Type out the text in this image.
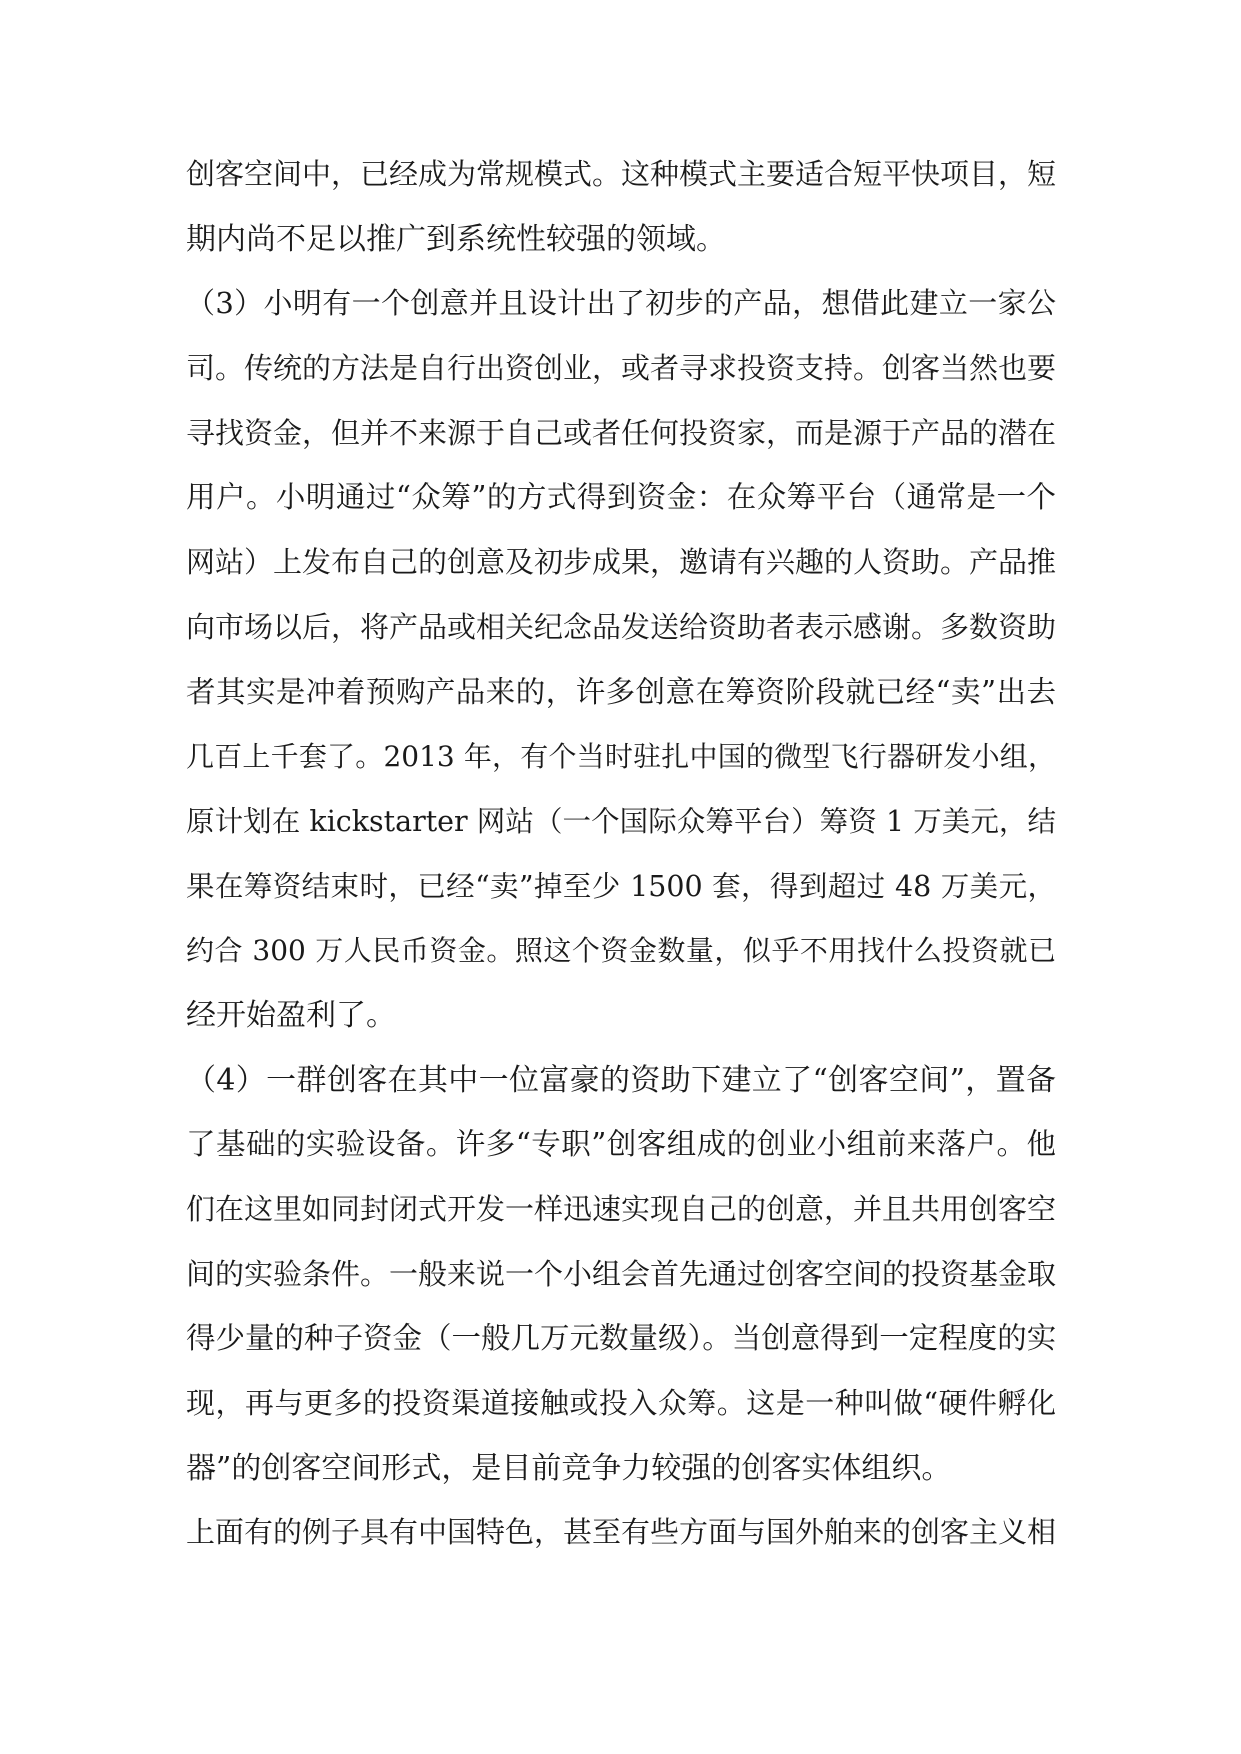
创客空间中，已经成为常规模式。这种模式主要适合短平快项目，短
期内尚不足以推广到系统性较强的领域。
（3）小明有一个创意并且设计出了初步的产品，想借此建立一家公
司。传统的方法是自行出资创业，或者寻求投资支持。创客当然也要
寻找资金，但并不来源于自己或者任何投资家，而是源于产品的潜在
用户。小明通过“众筹”的方式得到资金：在众筹平台（通常是一个
网站）上发布自己的创意及初步成果，邀请有兴趣的人资助。产品推
向市场以后，将产品或相关纪念品发送给资助者表示感谢。多数资助
者其实是冲着预购产品来的，许多创意在筹资阶段就已经“卖”出去
几百上千套了。2013 年，有个当时驻扎中国的微型飞行器研发小组，
原计划在 kickstarter 网站（一个国际众筹平台）筹资 1 万美元，结
果在筹资结束时，已经“卖”掉至少 1500 套，得到超过 48 万美元，
约合 300 万人民币资金。照这个资金数量，似乎不用找什么投资就已
经开始盈利了。
（4）一群创客在其中一位富豪的资助下建立了“创客空间”，置备
了基础的实验设备。许多“专职”创客组成的创业小组前来落户。他
们在这里如同封闭式开发一样迅速实现自己的创意，并且共用创客空
间的实验条件。一般来说一个小组会首先通过创客空间的投资基金取
得少量的种子资金（一般几万元数量级）。当创意得到一定程度的实
现，再与更多的投资渠道接触或投入众筹。这是一种叫做“硬件孵化
器”的创客空间形式，是目前竞争力较强的创客实体组织。
上面有的例子具有中国特色，甚至有些方面与国外舶来的创客主义相
